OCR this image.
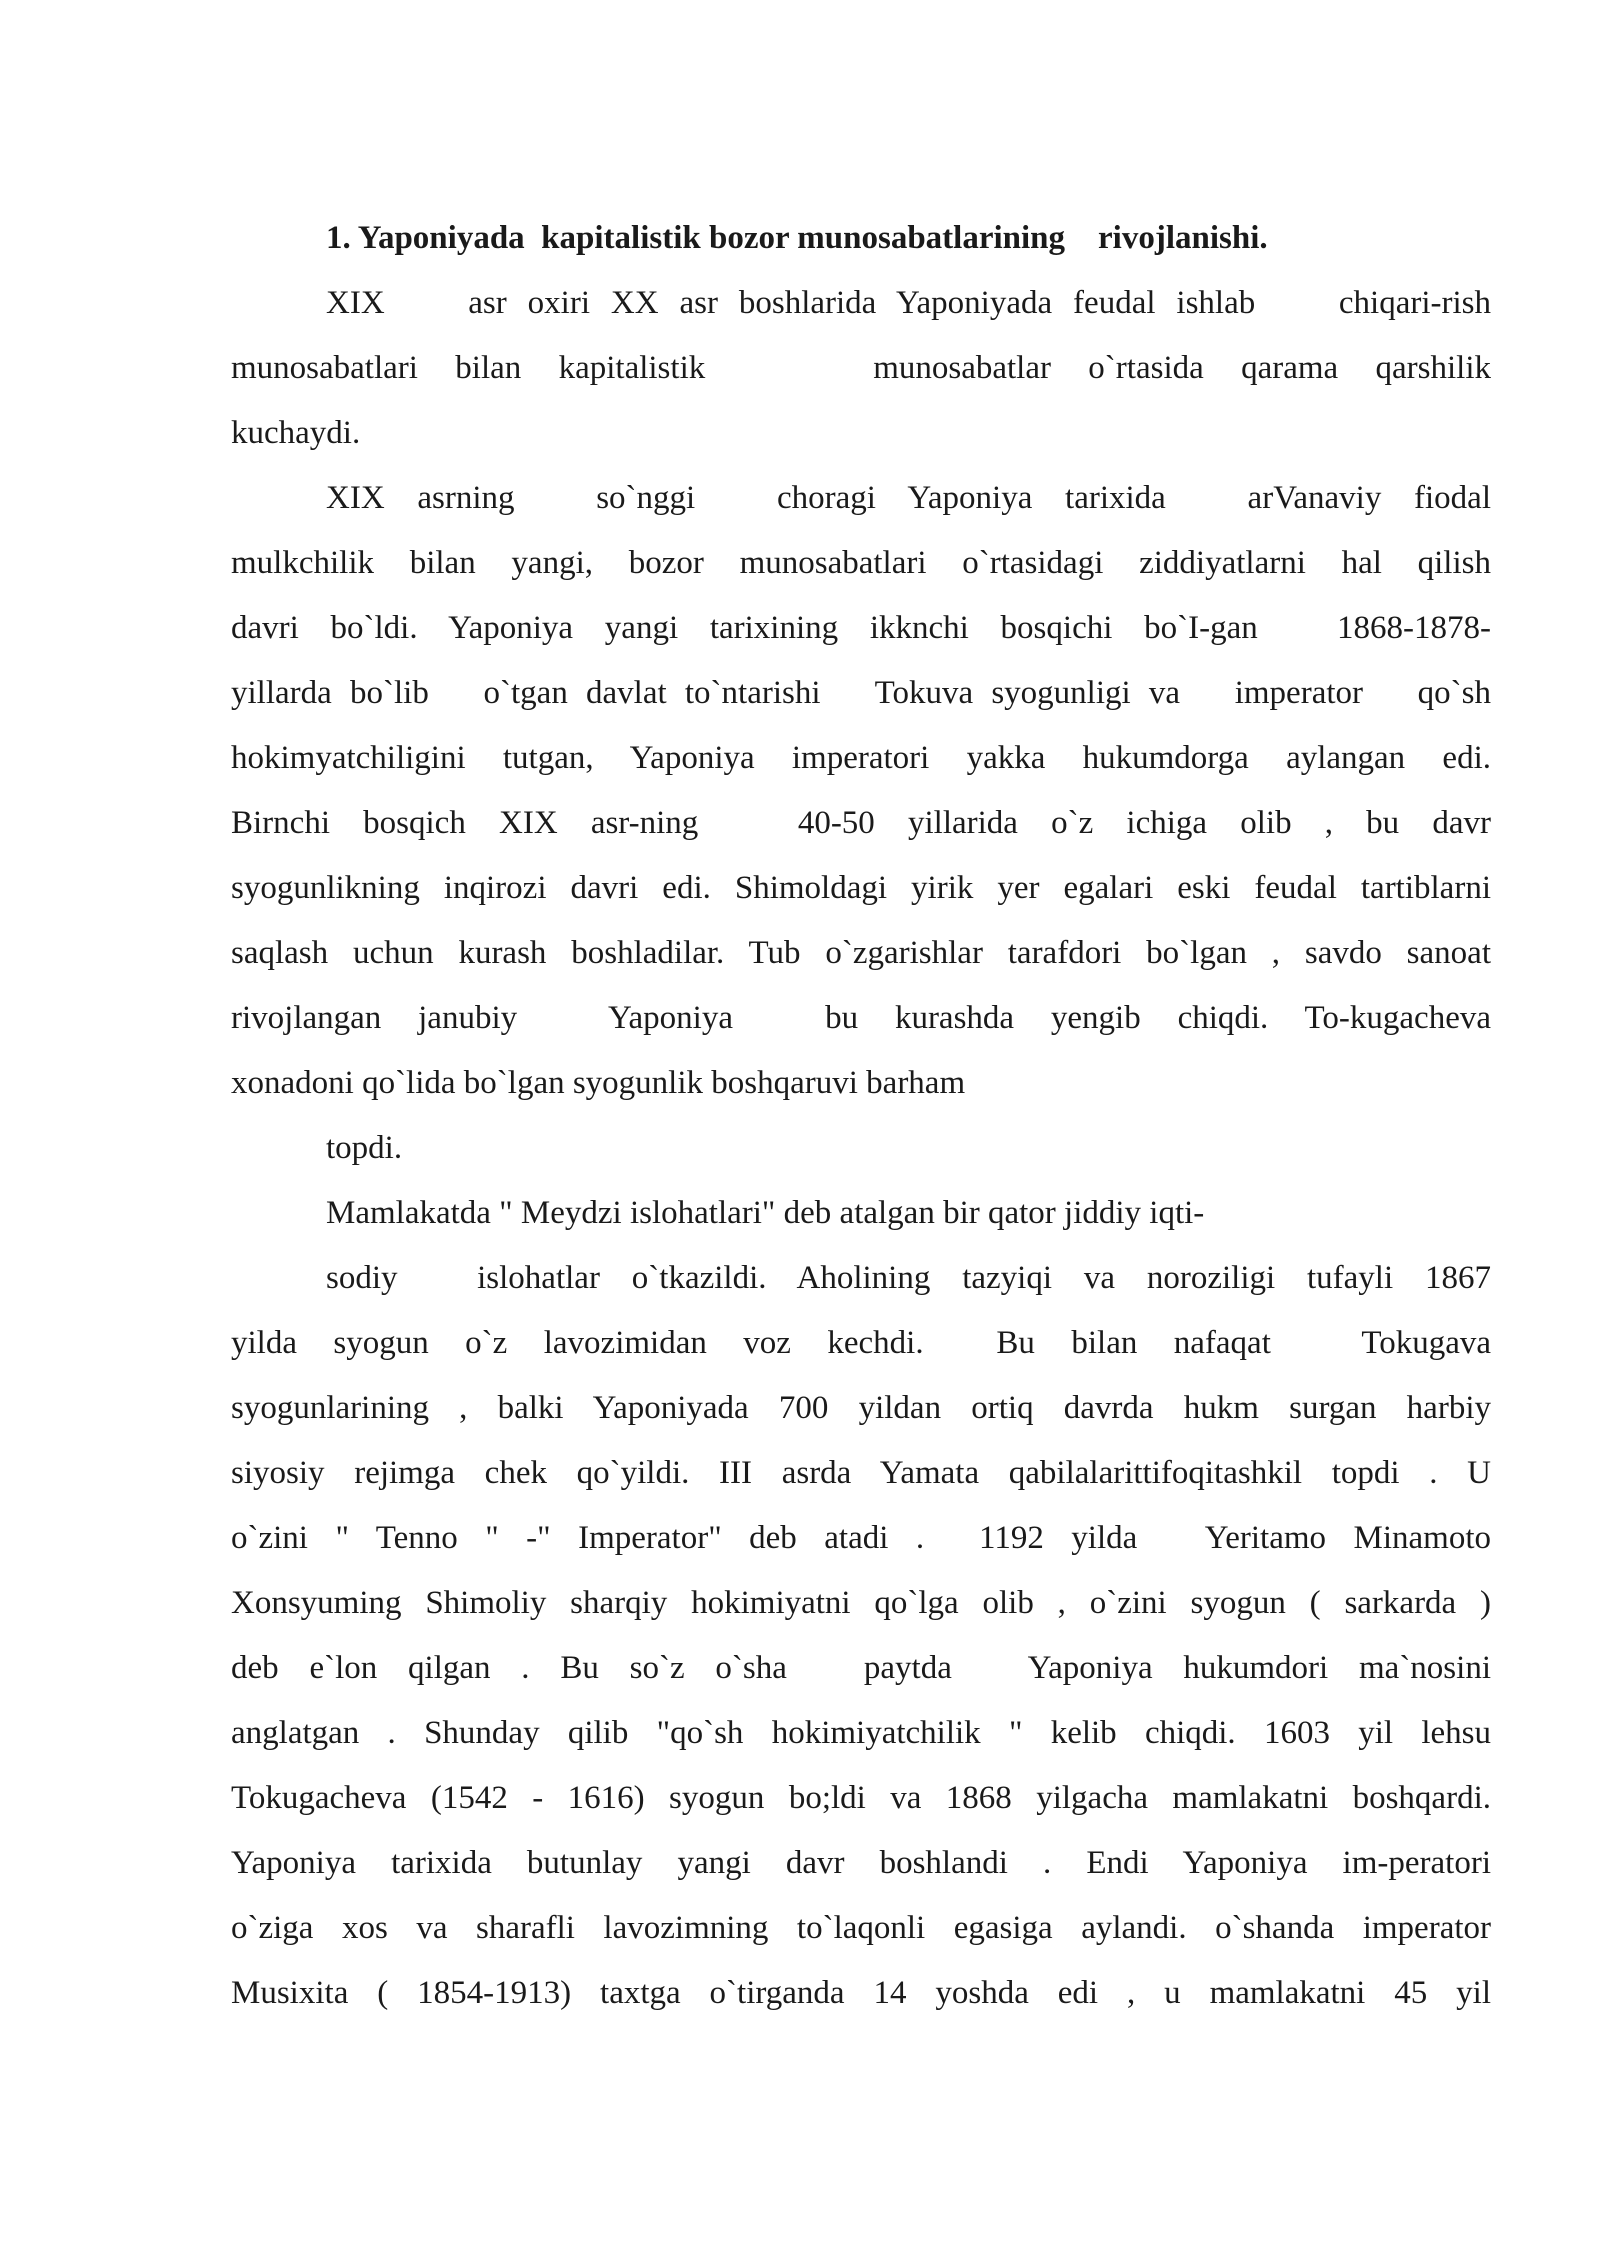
1. Yaponiyada  kapitalistik bozor munosabatlarining    rivojlanishi.
XIX    asr oxiri XX asr boshlarida Yaponiyada feudal ishlab    chiqari-rish
munosabatlari  bilan  kapitalistik         munosabatlar  o`rtasida  qarama  qarshilik
kuchaydi.
XIX  asrning     so`nggi     choragi  Yaponiya  tarixida     arVanaviy  fiodal
mulkchilik  bilan  yangi,  bozor  munosabatlari  o`rtasidagi  ziddiyatlarni  hal  qilish
davri  bo`ldi.  Yaponiya  yangi  tarixining  ikknchi  bosqichi  bo`I-gan     1868-1878-
yillarda bo`lib   o`tgan davlat to`ntarishi   Tokuva syogunligi va   imperator   qo`sh
hokimyatchiligini  tutgan,  Yaponiya  imperatori  yakka  hukumdorga  aylangan  edi.
Birnchi  bosqich  XIX  asr-ning      40-50  yillarida  o`z  ichiga  olib  ,  bu  davr
syogunlikning inqirozi davri edi. Shimoldagi yirik yer egalari eski feudal tartiblarni
saqlash uchun kurash boshladilar. Tub o`zgarishlar tarafdori bo`lgan , savdo sanoat
rivojlangan  janubiy     Yaponiya     bu  kurashda  yengib  chiqdi.  To-kugacheva
xonadoni qo`lida bo`lgan syogunlik boshqaruvi barham
topdi.
Mamlakatda " Meydzi islohatlari" deb atalgan bir qator jiddiy iqti-
sodiy     islohatlar  o`tkazildi.  Aholining  tazyiqi  va  noroziligi  tufayli  1867
yilda  syogun  o`z  lavozimidan  voz  kechdi.    Bu  bilan  nafaqat     Tokugava
syogunlarining  ,  balki  Yaponiyada  700  yildan  ortiq  davrda  hukm  surgan  harbiy
siyosiy  rejimga  chek  qo`yildi.  III  asrda  Yamata  qabilalarittifoqitashkil  topdi  .  U
o`zini  "  Tenno  "  -"  Imperator"  deb  atadi  .    1192  yilda     Yeritamo  Minamoto
Xonsyuming Shimoliy sharqiy hokimiyatni qo`lga olib , o`zini syogun ( sarkarda )
deb  e`lon  qilgan  .  Bu  so`z  o`sha     paytda     Yaponiya  hukumdori  ma`nosini
anglatgan  .  Shunday  qilib  "qo`sh  hokimiyatchilik  "  kelib  chiqdi.  1603  yil  lehsu
Tokugacheva (1542 - 1616) syogun bo;ldi va 1868 yilgacha mamlakatni boshqardi.
Yaponiya  tarixida  butunlay  yangi  davr  boshlandi  .  Endi  Yaponiya  im-peratori
o`ziga  xos  va  sharafli  lavozimning  to`laqonli  egasiga  aylandi.  o`shanda  imperator
Musixita  (  1854-1913)  taxtga  o`tirganda  14  yoshda  edi  ,  u  mamlakatni  45  yil
